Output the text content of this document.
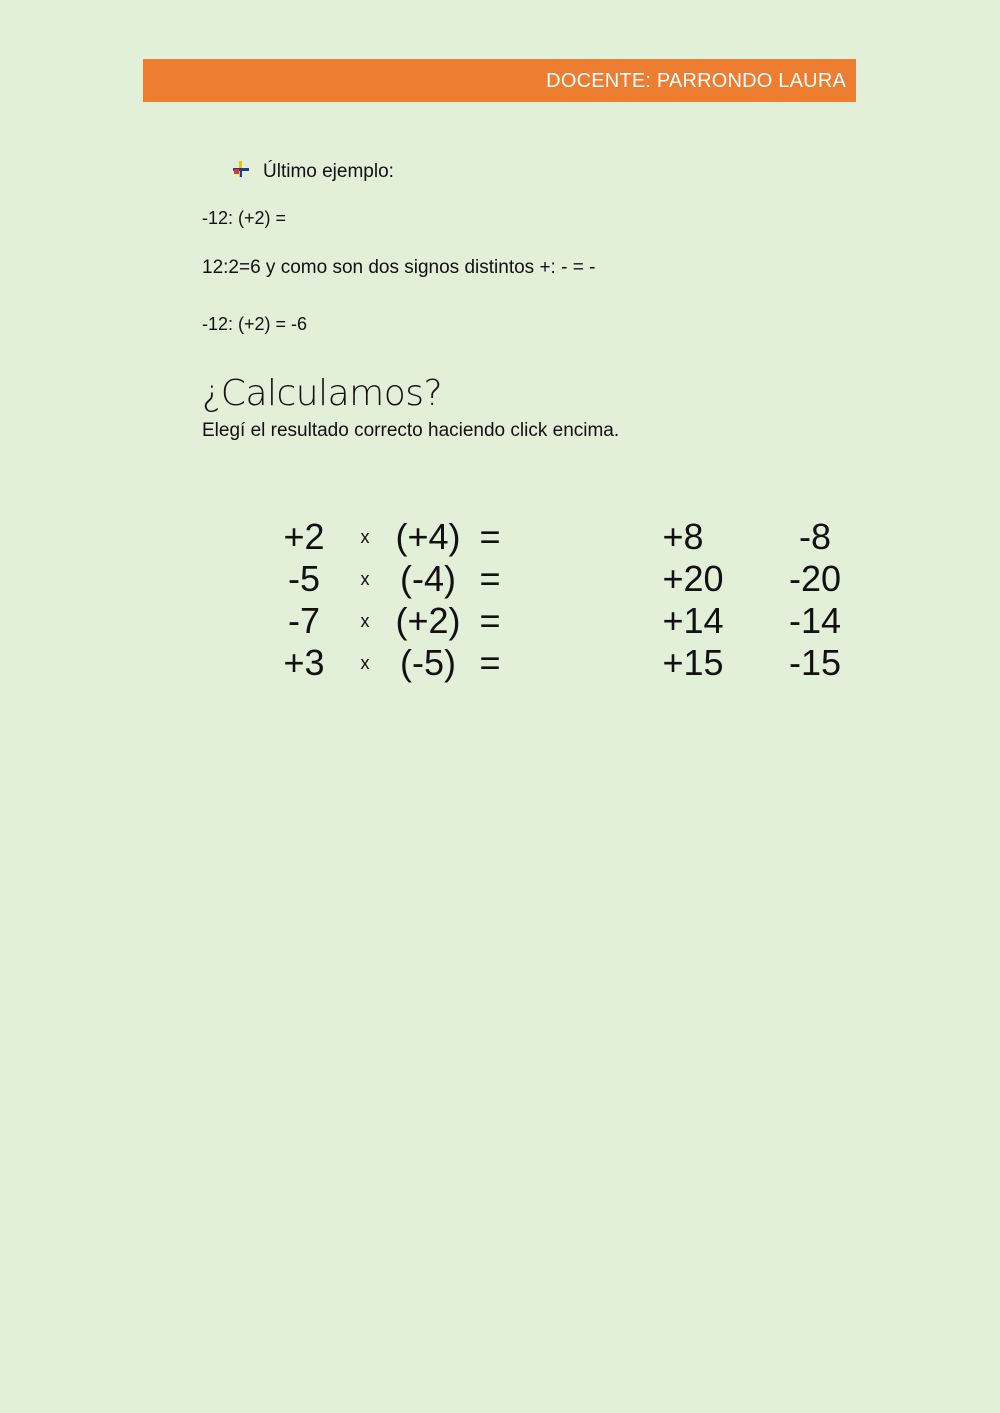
DOCENTE: PARRONDO LAURA
Último ejemplo:
-12: (+2) =
12:2=6 y como son dos signos distintos +: - = -
-12: (+2) = -6
¿Calculamos?
Elegí el resultado correcto haciendo click encima.
+2	x (+4) =	+8	-8
-5	x (-4) =	+20	-20
-7	x (+2) =	+14	-14
+3	x (-5) =	+15	-15
